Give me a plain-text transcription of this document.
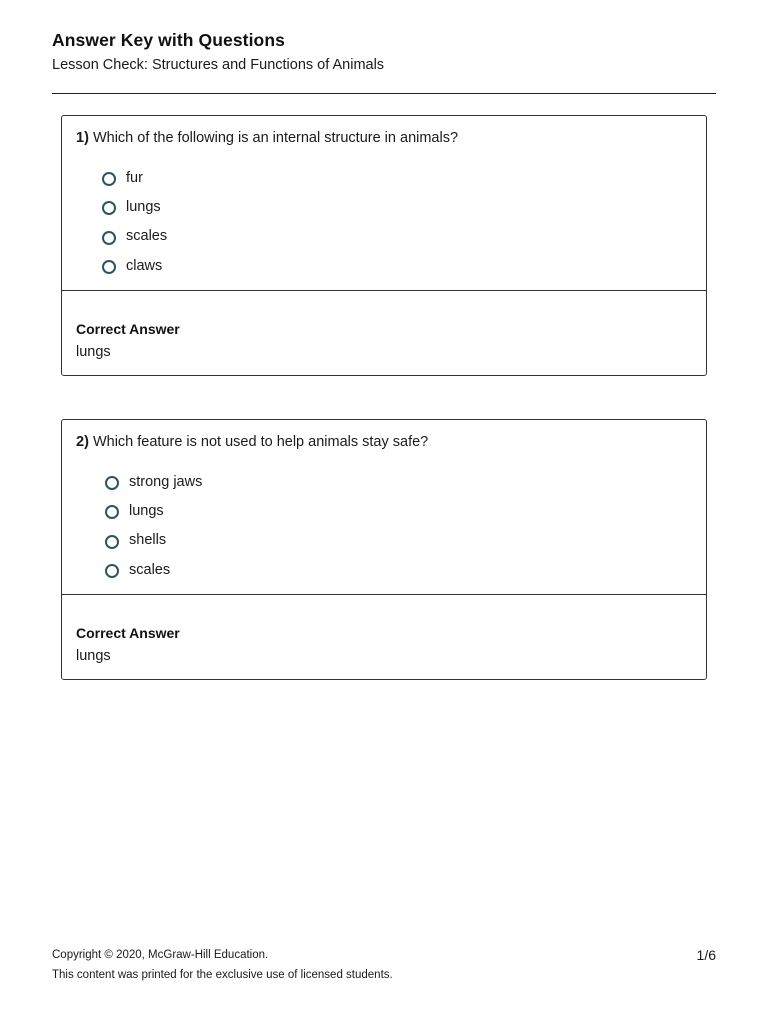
Answer Key with Questions
Lesson Check: Structures and Functions of Animals
1) Which of the following is an internal structure in animals?
fur
lungs
scales
claws
Correct Answer
lungs
2) Which feature is not used to help animals stay safe?
strong jaws
lungs
shells
scales
Correct Answer
lungs
Copyright © 2020, McGraw-Hill Education.
This content was printed for the exclusive use of licensed students.
1/6
